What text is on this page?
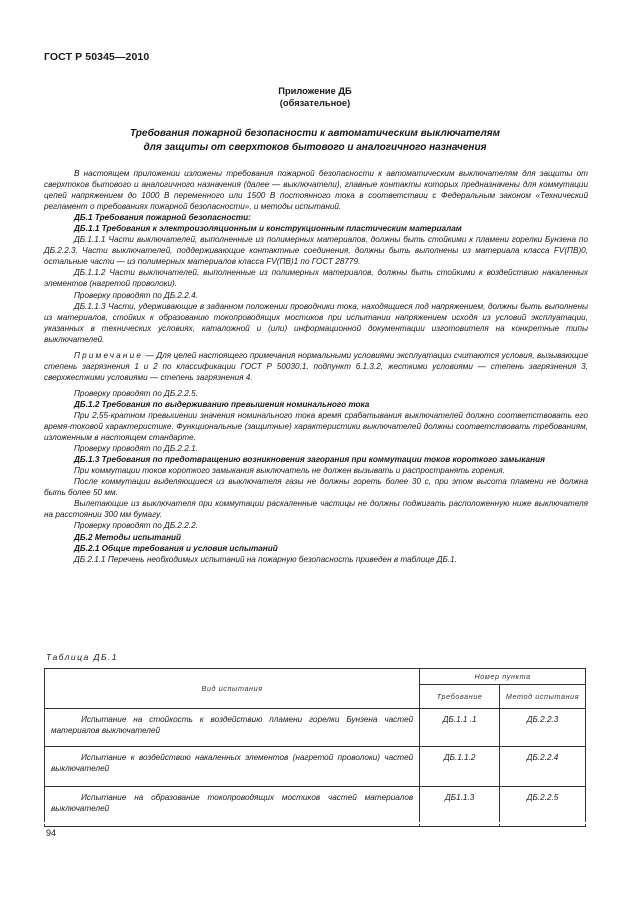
ГОСТ Р 50345—2010
Приложение ДБ
(обязательное)
Требования пожарной безопасности к автоматическим выключателям
для защиты от сверхтоков бытового и аналогичного назначения

В настоящем приложении изложены требования пожарной безопасности к автоматическим выключателям для защиты от сверхтоков бытового и аналогичного назначения (далее — выключатели), главные контакты которых предназначены для коммутации цепей напряжением до 1000 В переменного или 1500 В постоянного тока в соответствии с Федеральным законом «Технический регламент о требованиях пожарной безопасности», и методы испытаний.

ДБ.1 Требования пожарной безопасности:

ДБ.1.1 Требования к электроизоляционным и конструкционным пластическим материалам

ДБ.1.1.1 Части выключателей, выполненные из полимерных материалов, должны быть стойкими к пламени горелки Бунзена по ДБ.2.2.3. Части выключателей, поддерживающие контактные соединения, должны быть выполнены из материала класса FV(ПВ)0, остальные части — из полимерных материалов класса FV(ПВ)1 по ГОСТ 28779.

ДБ.1.1.2 Части выключателей, выполненные из полимерных материалов, должны быть стойкими к воздействию накаленных элементов (нагретой проволоки).

Проверку проводят по ДБ.2.2.4.

ДБ.1.1.3 Части, удерживающие в заданном положении проводники тока, находящиеся под напряжением, должны быть выполнены из материалов, стойких к образованию токопроводящих мостиков при испытании напряжением исходя из условий эксплуатации, указанных в технических условиях, каталожной и (или) информационной документации изготовителя на конкретные типы выключателей.

Примечание — Для целей настоящего примечания нормальными условиями эксплуатации считаются условия, вызывающие степень загрязнения 1 и 2 по классификации ГОСТ Р 50030.1, подпункт 6.1.3.2, жесткими условиями — степень загрязнения 3, сверхжесткими условиями — степень загрязнения 4.

Проверку проводят по ДБ.2.2.5.

ДБ.1.2 Требования по выдерживанию превышения номинального тока

При 2,55-кратном превышении значения номинального тока время срабатывания выключателей должно соответствовать его время-токовой характеристике. Функциональные (защитные) характеристики выключателей должны соответствовать требованиям, изложенным в настоящем стандарте.

Проверку проводят по ДБ.2.2.1.

ДБ.1.3 Требования по предотвращению возникновения загорания при коммутации токов короткого замыкания

При коммутации токов короткого замыкания выключатель не должен вызывать и распространять горения.

После коммутации выделяющиеся из выключателя газы не должны гореть более 30 с, при этом высота пламени не должна быть более 50 мм.

Вылетающие из выключателя при коммутации раскаленные частицы не должны поджигать расположенную ниже выключателя на расстоянии 300 мм бумагу.

Проверку проводят по ДБ.2.2.2.

ДБ.2 Методы испытаний

ДБ.2.1 Общие требования и условия испытаний

ДБ.2.1.1 Перечень необходимых испытаний на пожарную безопасность приведен в таблице ДБ.1.

Таблица ДБ.1
Вид испытания	Номер пункта	
	Требование	Метод испытания

Испытание на стойкость к воздействию пламени горелки Бунзена частей материалов выключателей	ДБ.1.1 .1	ДБ.2.2.3

Испытание к воздействию накаленных элементов (нагретой проволоки) частей выключателей	ДБ.1.1.2	ДБ.2.2.4

Испытание на образование токопроводящих мостиков частей материалов выключателей	ДБ1.1.3	ДБ.2.2.5
94
